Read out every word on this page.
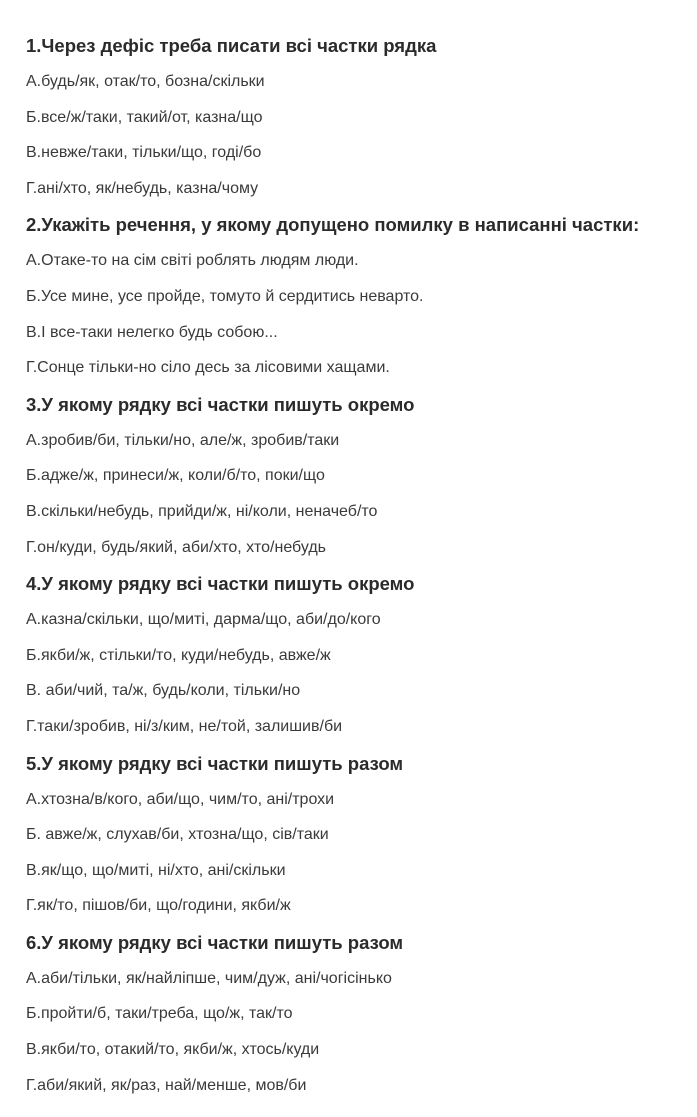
1.Через дефіс треба писати всі частки рядка
А.будь/як, отак/то, бозна/скільки
Б.все/ж/таки, такий/от, казна/що
В.невже/таки, тільки/що, годі/бо
Г.ані/хто, як/небудь, казна/чому
2.Укажіть речення, у якому допущено помилку в написанні частки:
А.Отаке-то на сім світі роблять людям люди.
Б.Усе мине, усе пройде, томуто й сердитись неварто.
В.І все-таки нелегко будь собою...
Г.Сонце тільки-но сіло десь за лісовими хащами.
3.У якому рядку всі частки пишуть окремо
А.зробив/би, тільки/но, але/ж, зробив/таки
Б.адже/ж, принеси/ж, коли/б/то, поки/що
В.скільки/небудь, прийди/ж, ні/коли, неначеб/то
Г.он/куди, будь/який, аби/хто, хто/небудь
4.У якому рядку всі частки пишуть окремо
А.казна/скільки, що/миті, дарма/що, аби/до/кого
Б.якби/ж, стільки/то, куди/небудь, авже/ж
В. аби/чий, та/ж, будь/коли, тільки/но
Г.таки/зробив, ні/з/ким, не/той, залишив/би
5.У якому рядку всі частки пишуть разом
А.хтозна/в/кого, аби/що, чим/то, ані/трохи
Б. авже/ж, слухав/би, хтозна/що, сів/таки
В.як/що, що/миті, ні/хто, ані/скільки
Г.як/то, пішов/би, що/години, якби/ж
6.У якому рядку всі частки пишуть разом
А.аби/тільки, як/найліпше, чим/дуж, ані/чогісінько
Б.пройти/б, таки/треба, що/ж, так/то
В.якби/то, отакий/то, якби/ж, хтось/куди
Г.аби/який, як/раз, най/менше, мов/би
